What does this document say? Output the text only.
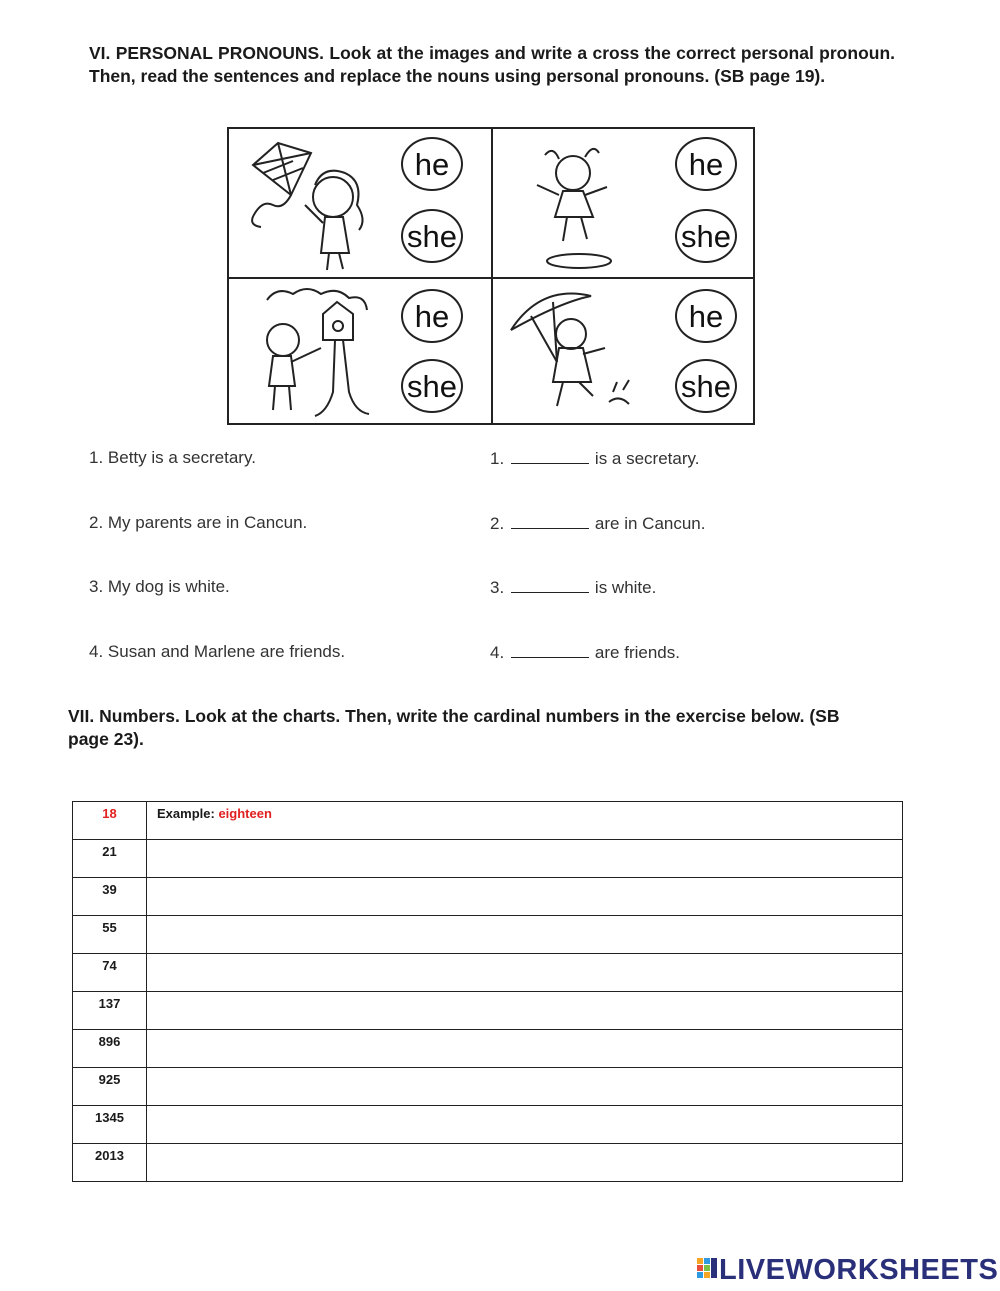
VI. PERSONAL PRONOUNS. Look at the images and write a cross the correct personal pronoun. Then, read the sentences and replace the nouns using personal pronouns. (SB page 19).
he
she
he
she
he
she
he
she
1. Betty is a secretary.	1.	is a secretary.
2. My parents are in Cancun.	2.	are in Cancun.
3. My dog is white.	3.	is white.
4. Susan and Marlene are friends.	4.	are friends.
VII. Numbers. Look at the charts. Then, write the cardinal numbers in the exercise below. (SB page 23).
18	Example: eighteen
21	
39	
55	
74	
137	
896	
925	
1345	
2013	
LIVEWORKSHEETS
